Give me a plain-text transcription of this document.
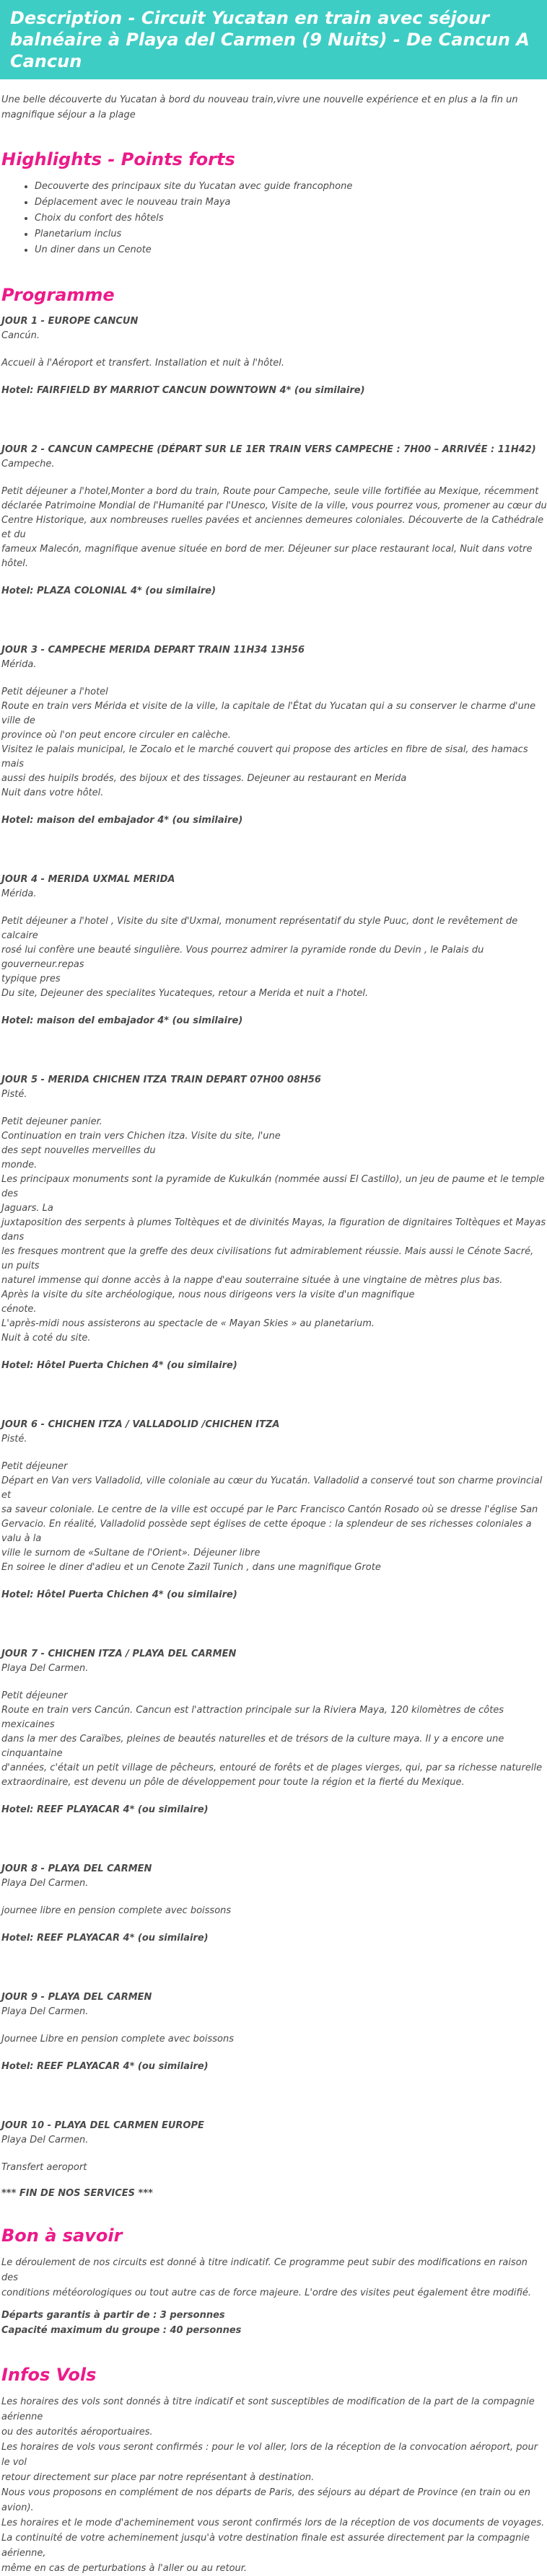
Description - Circuit Yucatan en train avec séjour balnéaire à Playa del Carmen (9 Nuits) - De Cancun A Cancun
Une belle découverte du Yucatan à bord du nouveau train,vivre une nouvelle expérience et en plus a la fin un magnifique séjour a la plage
Highlights - Points forts
• Decouverte des principaux site du Yucatan avec guide francophone
• Déplacement avec le nouveau train Maya
• Choix du confort des hôtels
• Planetarium inclus
• Un diner dans un Cenote
Programme
JOUR 1 - EUROPE CANCUN
Cancún.
Accueil à l'Aéroport et transfert. Installation et nuit à l'hôtel.
Hotel: FAIRFIELD BY MARRIOT CANCUN DOWNTOWN 4* (ou similaire)
JOUR 2 - CANCUN CAMPECHE (DÉPART SUR LE 1ER TRAIN VERS CAMPECHE : 7H00 – ARRIVÉE : 11H42)
Campeche.
Petit déjeuner a l'hotel,Monter a bord du train, Route pour Campeche, seule ville fortifiée au Mexique, récemment
déclarée Patrimoine Mondial de l'Humanité par l'Unesco, Visite de la ville, vous pourrez vous, promener au cœur du
Centre Historique, aux nombreuses ruelles pavées et anciennes demeures coloniales. Découverte de la Cathédrale et du
fameux Malecón, magnifique avenue située en bord de mer. Déjeuner sur place restaurant local, Nuit dans votre hôtel.
Hotel: PLAZA COLONIAL 4* (ou similaire)
JOUR 3 - CAMPECHE MERIDA DEPART TRAIN 11H34 13H56
Mérida.
Petit déjeuner a l'hotel
Route en train vers Mérida et visite de la ville, la capitale de l'État du Yucatan qui a su conserver le charme d'une ville de
province où l'on peut encore circuler en calèche.
Visitez le palais municipal, le Zocalo et le marché couvert qui propose des articles en fibre de sisal, des hamacs mais
aussi des huipils brodés, des bijoux et des tissages. Dejeuner au restaurant en Merida
Nuit dans votre hôtel.
Hotel: maison del embajador 4* (ou similaire)
JOUR 4 - MERIDA UXMAL MERIDA
Mérida.
Petit déjeuner a l'hotel , Visite du site d'Uxmal, monument représentatif du style Puuc, dont le revêtement de calcaire
rosé lui confère une beauté singulière. Vous pourrez admirer la pyramide ronde du Devin , le Palais du gouverneur.repas
typique pres
Du site, Dejeuner des specialites Yucateques, retour a Merida et nuit a l'hotel.
Hotel: maison del embajador 4* (ou similaire)
JOUR 5 - MERIDA CHICHEN ITZA TRAIN DEPART 07H00 08H56
Pisté.
Petit dejeuner panier.
Continuation en train vers Chichen itza. Visite du site, l'une
des sept nouvelles merveilles du
monde.
Les principaux monuments sont la pyramide de Kukulkán (nommée aussi El Castillo), un jeu de paume et le temple des
Jaguars. La
juxtaposition des serpents à plumes Toltèques et de divinités Mayas, la figuration de dignitaires Toltèques et Mayas dans
les fresques montrent que la greffe des deux civilisations fut admirablement réussie. Mais aussi le Cénote Sacré, un puits
naturel immense qui donne accès à la nappe d'eau souterraine située à une vingtaine de mètres plus bas.
Après la visite du site archéologique, nous nous dirigeons vers la visite d'un magnifique
cénote.
L'après-midi nous assisterons au spectacle de « Mayan Skies » au planetarium.
Nuit à coté du site.
Hotel: Hôtel Puerta Chichen 4* (ou similaire)
JOUR 6 - CHICHEN ITZA / VALLADOLID /CHICHEN ITZA
Pisté.
Petit déjeuner
Départ en Van vers Valladolid, ville coloniale au cœur du Yucatán. Valladolid a conservé tout son charme provincial et
sa saveur coloniale. Le centre de la ville est occupé par le Parc Francisco Cantón Rosado où se dresse l'église San
Gervacio. En réalité, Valladolid possède sept églises de cette époque : la splendeur de ses richesses coloniales a valu à la
ville le surnom de «Sultane de l'Orient». Déjeuner libre
En soiree le diner d'adieu et un Cenote Zazil Tunich , dans une magnifique Grote
Hotel: Hôtel Puerta Chichen 4* (ou similaire)
JOUR 7 - CHICHEN ITZA / PLAYA DEL CARMEN
Playa Del Carmen.
Petit déjeuner
Route en train vers Cancún. Cancun est l'attraction principale sur la Riviera Maya, 120 kilomètres de côtes mexicaines
dans la mer des Caraïbes, pleines de beautés naturelles et de trésors de la culture maya. Il y a encore une cinquantaine
d'années, c'était un petit village de pêcheurs, entouré de forêts et de plages vierges, qui, par sa richesse naturelle
extraordinaire, est devenu un pôle de développement pour toute la région et la fierté du Mexique.
Hotel: REEF PLAYACAR 4* (ou similaire)
JOUR 8 - PLAYA DEL CARMEN
Playa Del Carmen.
journee libre en pension complete avec boissons
Hotel: REEF PLAYACAR 4* (ou similaire)
JOUR 9 - PLAYA DEL CARMEN
Playa Del Carmen.
Journee Libre en pension complete avec boissons
Hotel: REEF PLAYACAR 4* (ou similaire)
JOUR 10 - PLAYA DEL CARMEN EUROPE
Playa Del Carmen.
Transfert aeroport
*** FIN DE NOS SERVICES ***
Bon à savoir
Le déroulement de nos circuits est donné à titre indicatif. Ce programme peut subir des modifications en raison des
conditions météorologiques ou tout autre cas de force majeure. L'ordre des visites peut également être modifié.
Départs garantis à partir de : 3 personnes
Capacité maximum du groupe : 40 personnes
Infos Vols
Les horaires des vols sont donnés à titre indicatif et sont susceptibles de modification de la part de la compagnie aérienne
ou des autorités aéroportuaires.
Les horaires de vols vous seront confirmés : pour le vol aller, lors de la réception de la convocation aéroport, pour le vol
retour directement sur place par notre représentant à destination.
Nous vous proposons en complément de nos départs de Paris, des séjours au départ de Province (en train ou en avion).
Les horaires et le mode d'acheminement vous seront confirmés lors de la réception de vos documents de voyages.
La continuité de votre acheminement jusqu'à votre destination finale est assurée directement par la compagnie aérienne,
même en cas de perturbations à l'aller ou au retour.
